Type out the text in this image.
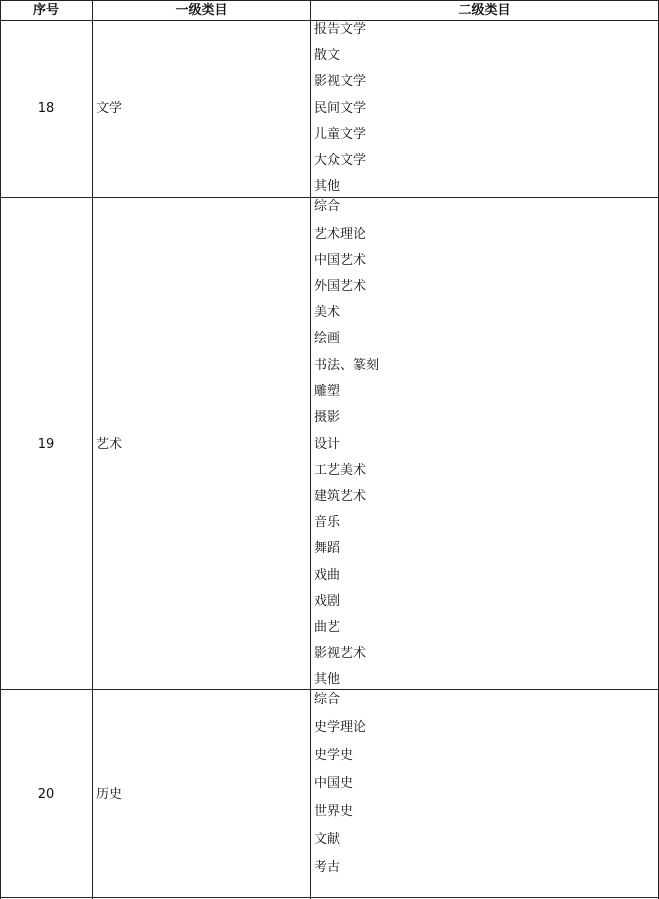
序号	一级类目	二级类目
18	文学
报告文学
散文
影视文学
民间文学
儿童文学
大众文学
其他
19	艺术
综合
艺术理论
中国艺术
外国艺术
美术
绘画
书法、篆刻
雕塑
摄影
设计
工艺美术
建筑艺术
音乐
舞蹈
戏曲
戏剧
曲艺
影视艺术
其他
20	历史
综合
史学理论
史学史
中国史
世界史
文献
考古
